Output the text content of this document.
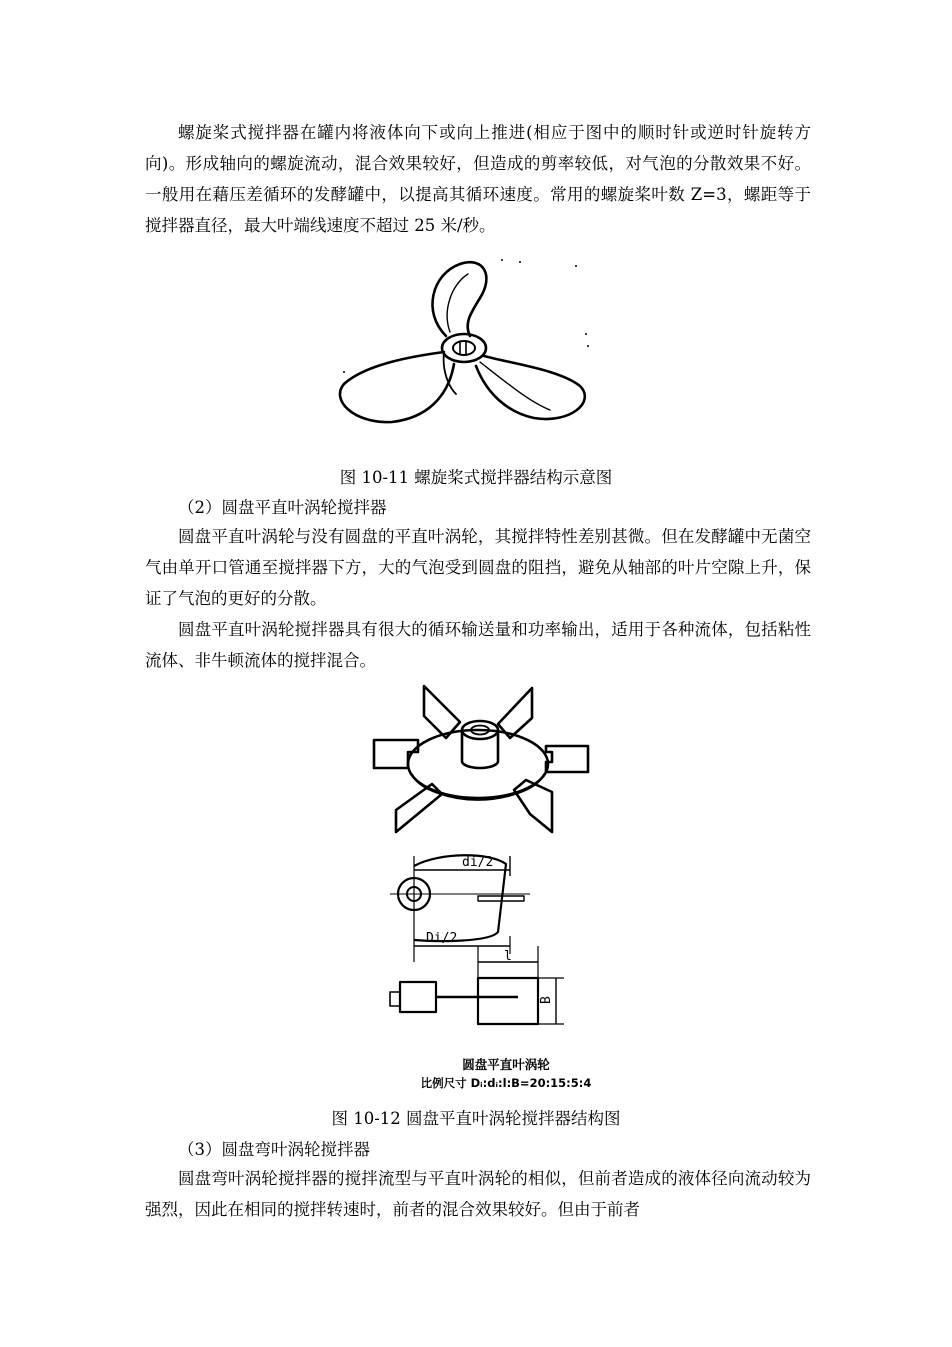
螺旋桨式搅拌器在罐内将液体向下或向上推进(相应于图中的顺时针或逆时针旋转方向)。形成轴向的螺旋流动，混合效果较好，但造成的剪率较低，对气泡的分散效果不好。一般用在藉压差循环的发酵罐中，以提高其循环速度。常用的螺旋桨叶数 Z=3，螺距等于搅拌器直径，最大叶端线速度不超过 25 米/秒。

图 10-11 螺旋桨式搅拌器结构示意图

（2）圆盘平直叶涡轮搅拌器

圆盘平直叶涡轮与没有圆盘的平直叶涡轮，其搅拌特性差别甚微。但在发酵罐中无菌空气由单开口管通至搅拌器下方，大的气泡受到圆盘的阻挡，避免从轴部的叶片空隙上升，保证了气泡的更好的分散。

圆盘平直叶涡轮搅拌器具有很大的循环输送量和功率输出，适用于各种流体，包括粘性流体、非牛顿流体的搅拌混合。

di/2
Di/2
l
B
圆盘平直叶涡轮
比例尺寸 Dᵢ:dᵢ:l:B=20:15:5:4

图 10-12 圆盘平直叶涡轮搅拌器结构图

（3）圆盘弯叶涡轮搅拌器

圆盘弯叶涡轮搅拌器的搅拌流型与平直叶涡轮的相似，但前者造成的液体径向流动较为强烈，因此在相同的搅拌转速时，前者的混合效果较好。但由于前者
